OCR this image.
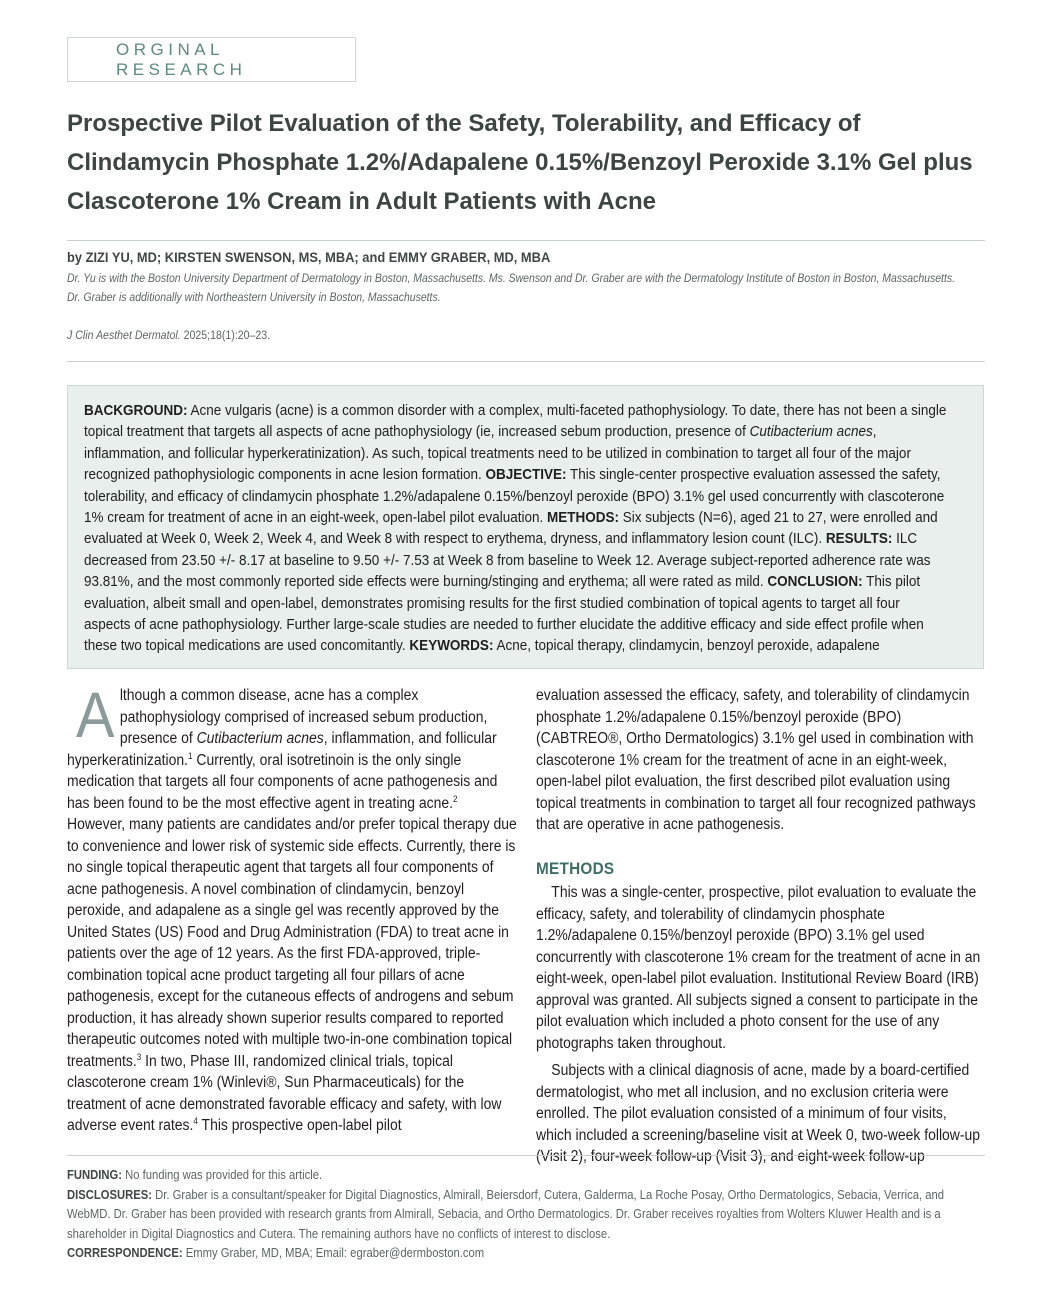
ORGINAL RESEARCH
Prospective Pilot Evaluation of the Safety, Tolerability, and Efficacy of Clindamycin Phosphate 1.2%/Adapalene 0.15%/Benzoyl Peroxide 3.1% Gel plus Clascoterone 1% Cream in Adult Patients with Acne
by ZIZI YU, MD; KIRSTEN SWENSON, MS, MBA; and EMMY GRABER, MD, MBA
Dr. Yu is with the Boston University Department of Dermatology in Boston, Massachusetts. Ms. Swenson and Dr. Graber are with the Dermatology Institute of Boston in Boston, Massachusetts.
Dr. Graber is additionally with Northeastern University in Boston, Massachusetts.
J Clin Aesthet Dermatol. 2025;18(1):20–23.
BACKGROUND: Acne vulgaris (acne) is a common disorder with a complex, multi-faceted pathophysiology. To date, there has not been a single topical treatment that targets all aspects of acne pathophysiology (ie, increased sebum production, presence of Cutibacterium acnes, inflammation, and follicular hyperkeratinization). As such, topical treatments need to be utilized in combination to target all four of the major recognized pathophysiologic components in acne lesion formation. OBJECTIVE: This single-center prospective evaluation assessed the safety, tolerability, and efficacy of clindamycin phosphate 1.2%/adapalene 0.15%/benzoyl peroxide (BPO) 3.1% gel used concurrently with clascoterone 1% cream for treatment of acne in an eight-week, open-label pilot evaluation. METHODS: Six subjects (N=6), aged 21 to 27, were enrolled and evaluated at Week 0, Week 2, Week 4, and Week 8 with respect to erythema, dryness, and inflammatory lesion count (ILC). RESULTS: ILC decreased from 23.50 +/- 8.17 at baseline to 9.50 +/- 7.53 at Week 8 from baseline to Week 12. Average subject-reported adherence rate was 93.81%, and the most commonly reported side effects were burning/stinging and erythema; all were rated as mild. CONCLUSION: This pilot evaluation, albeit small and open-label, demonstrates promising results for the first studied combination of topical agents to target all four aspects of acne pathophysiology. Further large-scale studies are needed to further elucidate the additive efficacy and side effect profile when these two topical medications are used concomitantly. KEYWORDS: Acne, topical therapy, clindamycin, benzoyl peroxide, adapalene

Although a common disease, acne has a complex pathophysiology comprised of increased sebum production, presence of Cutibacterium acnes, inflammation, and follicular hyperkeratinization.$^1$ Currently, oral isotretinoin is the only single medication that targets all four components of acne pathogenesis and has been found to be the most effective agent in treating acne.$^2$ However, many patients are candidates and/or prefer topical therapy due to convenience and lower risk of systemic side effects. Currently, there is no single topical therapeutic agent that targets all four components of acne pathogenesis. A novel combination of clindamycin, benzoyl peroxide, and adapalene as a single gel was recently approved by the United States (US) Food and Drug Administration (FDA) to treat acne in patients over the age of 12 years. As the first FDA-approved, triple-combination topical acne product targeting all four pillars of acne pathogenesis, except for the cutaneous effects of androgens and sebum production, it has already shown superior results compared to reported therapeutic outcomes noted with multiple two-in-one combination topical treatments.$^3$ In two, Phase III, randomized clinical trials, topical clascoterone cream 1% (Winlevi®, Sun Pharmaceuticals) for the treatment of acne demonstrated favorable efficacy and safety, with low adverse event rates.$^4$ This prospective open-label pilot

evaluation assessed the efficacy, safety, and tolerability of clindamycin phosphate 1.2%/adapalene 0.15%/benzoyl peroxide (BPO) (CABTREO®, Ortho Dermatologics) 3.1% gel used in combination with clascoterone 1% cream for the treatment of acne in an eight-week, open-label pilot evaluation, the first described pilot evaluation using topical treatments in combination to target all four recognized pathways that are operative in acne pathogenesis.

METHODS

This was a single-center, prospective, pilot evaluation to evaluate the efficacy, safety, and tolerability of clindamycin phosphate 1.2%/adapalene 0.15%/benzoyl peroxide (BPO) 3.1% gel used concurrently with clascoterone 1% cream for the treatment of acne in an eight-week, open-label pilot evaluation. Institutional Review Board (IRB) approval was granted. All subjects signed a consent to participate in the pilot evaluation which included a photo consent for the use of any photographs taken throughout.

Subjects with a clinical diagnosis of acne, made by a board-certified dermatologist, who met all inclusion, and no exclusion criteria were enrolled. The pilot evaluation consisted of a minimum of four visits, which included a screening/baseline visit at Week 0, two-week follow-up (Visit 2), four-week follow-up (Visit 3), and eight-week follow-up

FUNDING: No funding was provided for this article.
DISCLOSURES: Dr. Graber is a consultant/speaker for Digital Diagnostics, Almirall, Beiersdorf, Cutera, Galderma, La Roche Posay, Ortho Dermatologics, Sebacia, Verrica, and WebMD. Dr. Graber has been provided with research grants from Almirall, Sebacia, and Ortho Dermatologics. Dr. Graber receives royalties from Wolters Kluwer Health and is a shareholder in Digital Diagnostics and Cutera. The remaining authors have no conflicts of interest to disclose.
CORRESPONDENCE: Emmy Graber, MD, MBA; Email: egraber@dermboston.com
